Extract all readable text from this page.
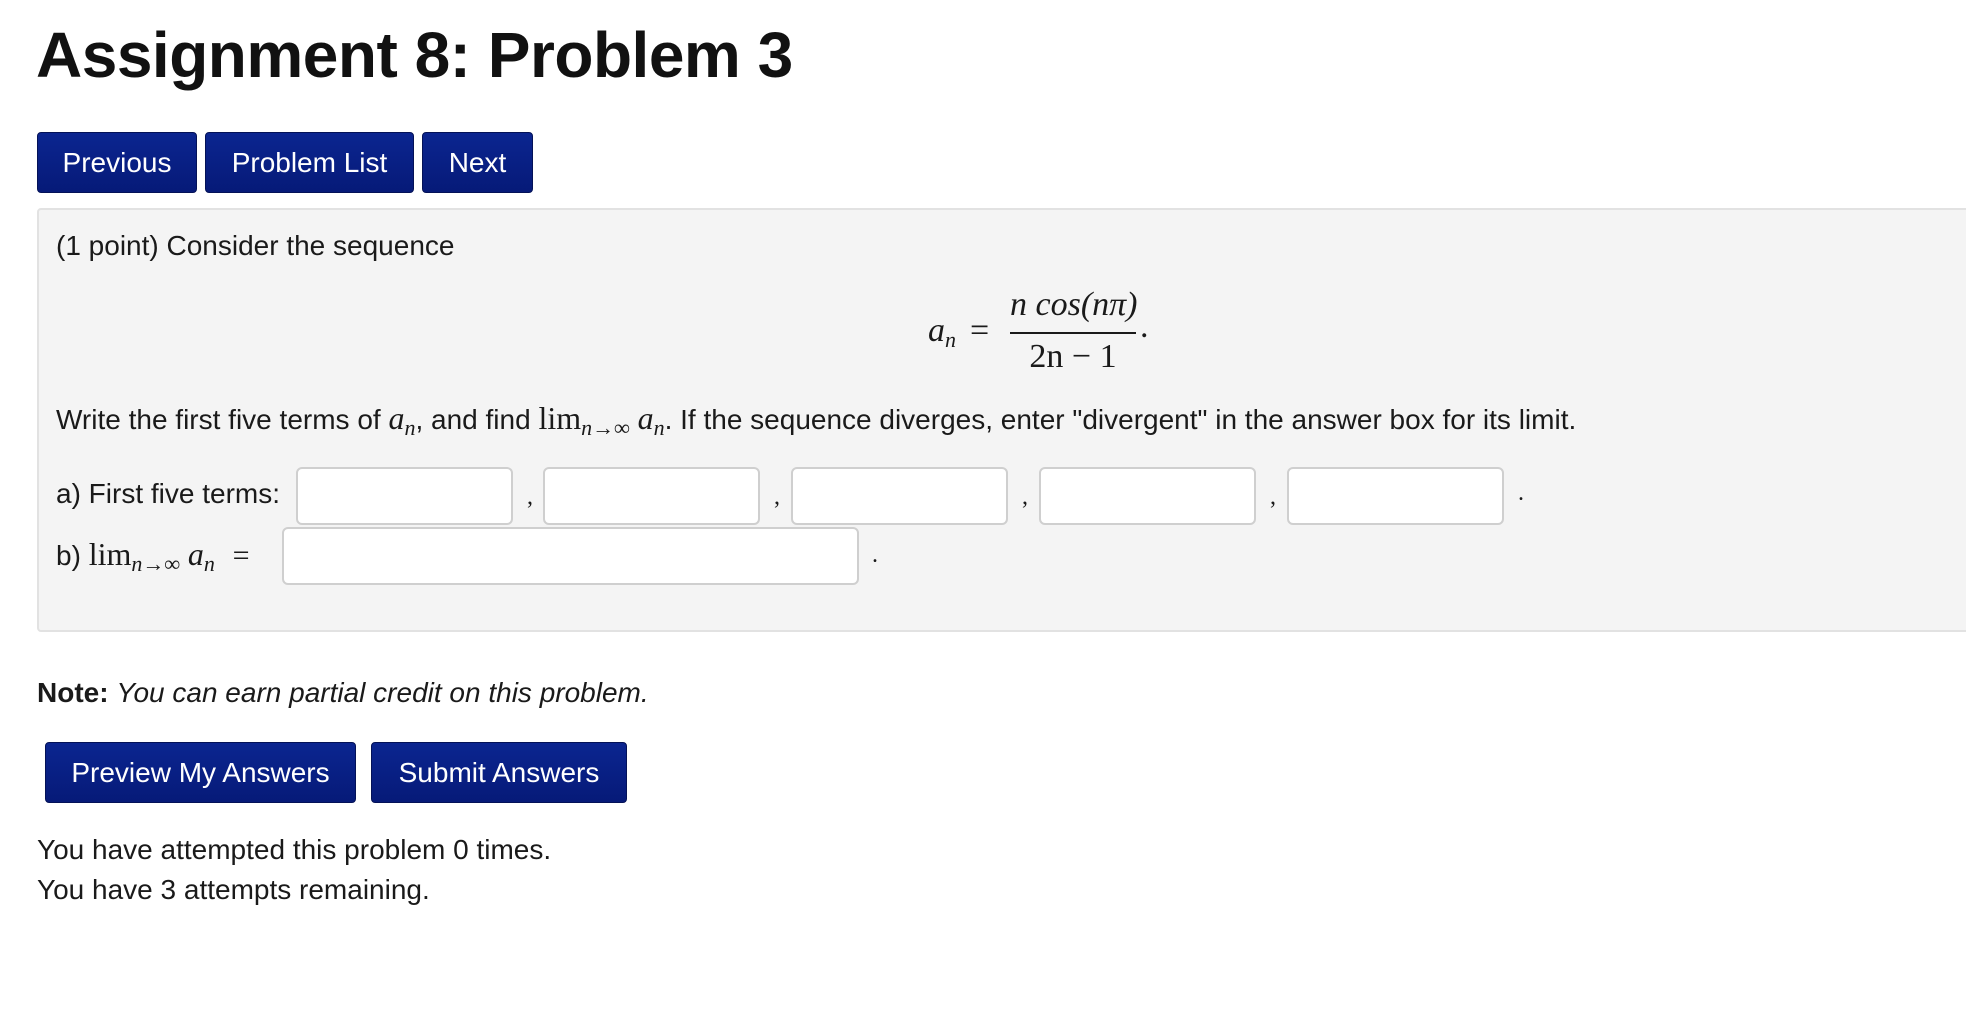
Assignment 8: Problem 3
Previous	Problem List	Next
(1 point) Consider the sequence
an =
n cos(nπ)
2n − 1
.
Write the first five terms of $a_n$, and find $\lim_{n\to\infty} a_n$. If the sequence diverges, enter "divergent" in the answer box for its limit.
a) First five terms:	,	,	,	,	.
b) $\lim_{n\to\infty} a_n$ =	.
Note: You can earn partial credit on this problem.
Preview My Answers	Submit Answers
You have attempted this problem 0 times.
You have 3 attempts remaining.
